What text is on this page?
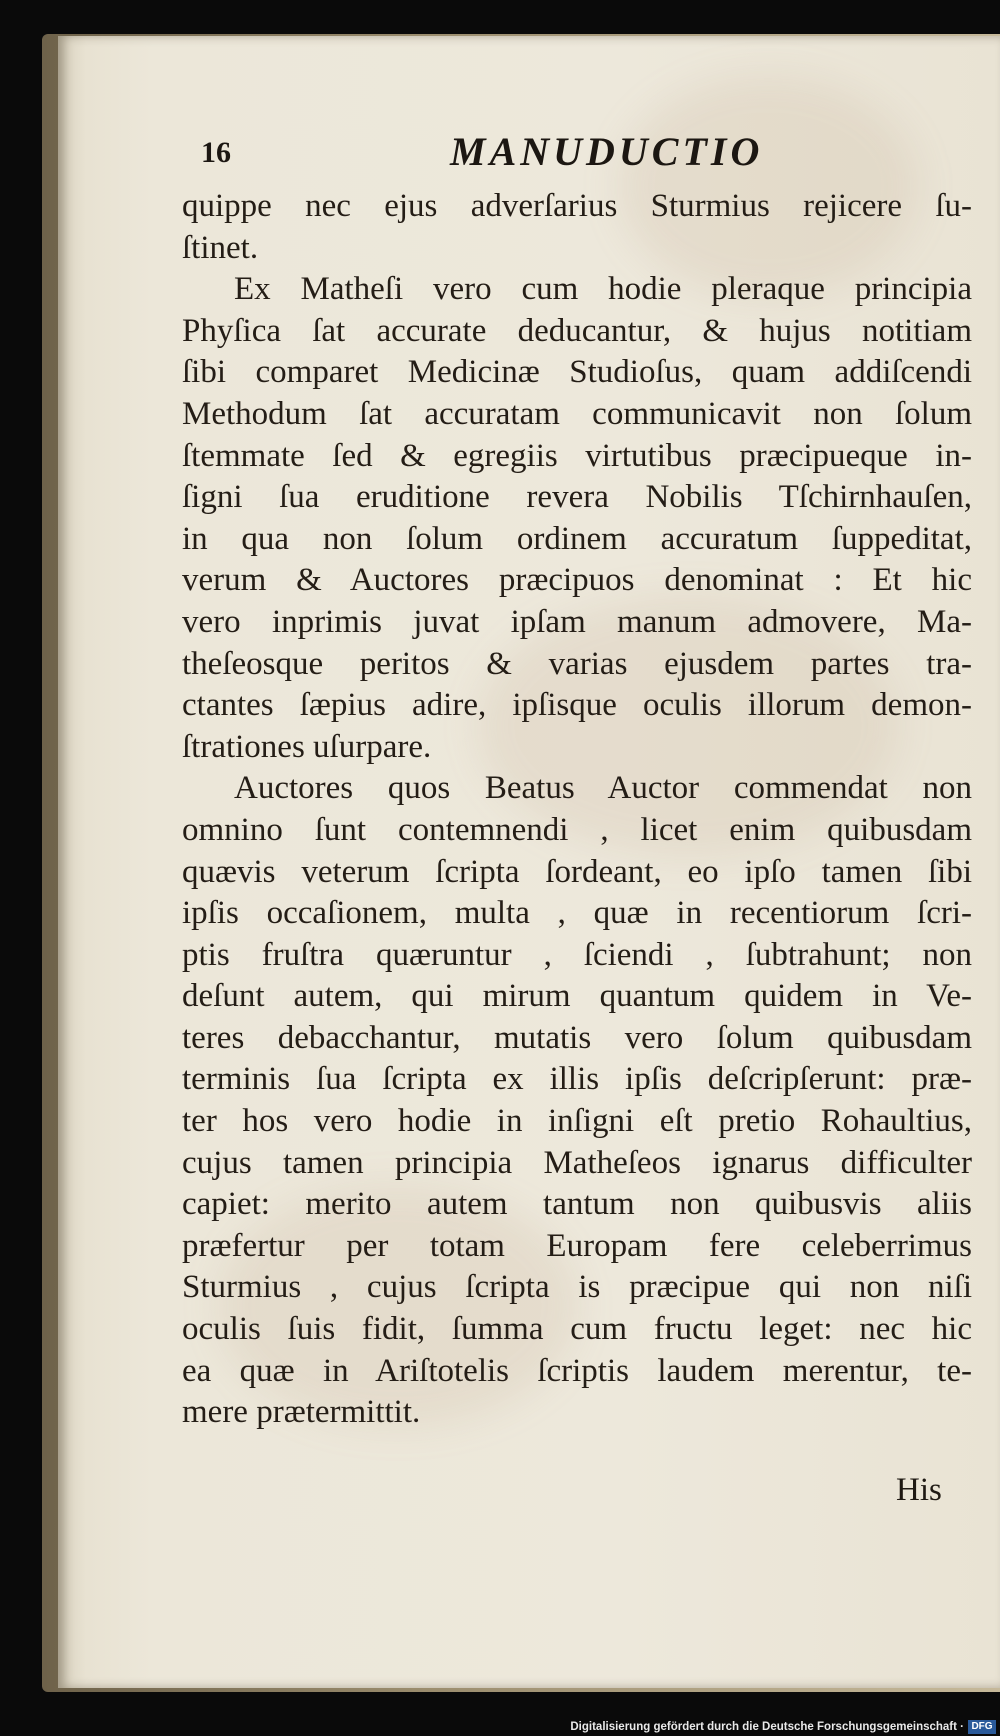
16	MANUDUCTIO
quippe nec ejus adverſarius Sturmius rejicere ſu-
ſtinet.
Ex Matheſi vero cum hodie pleraque principia
Phyſica ſat accurate deducantur, & hujus notitiam
ſibi comparet Medicinæ Studioſus, quam addiſcendi
Methodum ſat accuratam communicavit non ſolum
ſtemmate ſed & egregiis virtutibus præcipueque in-
ſigni ſua eruditione revera Nobilis Tſchirnhauſen,
in qua non ſolum ordinem accuratum ſuppeditat,
verum & Auctores præcipuos denominat : Et hic
vero inprimis juvat ipſam manum admovere, Ma-
theſeosque peritos & varias ejusdem partes tra-
ctantes ſæpius adire, ipſisque oculis illorum demon-
ſtrationes uſurpare.
Auctores quos Beatus Auctor commendat non
omnino ſunt contemnendi , licet enim quibusdam
quævis veterum ſcripta ſordeant, eo ipſo tamen ſibi
ipſis occaſionem, multa , quæ in recentiorum ſcri-
ptis fruſtra quæruntur , ſciendi , ſubtrahunt; non
deſunt autem, qui mirum quantum quidem in Ve-
teres debacchantur, mutatis vero ſolum quibusdam
terminis ſua ſcripta ex illis ipſis deſcripſerunt: præ-
ter hos vero hodie in inſigni eſt pretio Rohaultius,
cujus tamen principia Matheſeos ignarus difficulter
capiet: merito autem tantum non quibusvis aliis
præfertur per totam Europam fere celeberrimus
Sturmius , cujus ſcripta is præcipue qui non niſi
oculis ſuis fidit, ſumma cum fructu leget: nec hic
ea quæ in Ariſtotelis ſcriptis laudem merentur, te-
mere prætermittit.
His
Digitalisierung gefördert durch die Deutsche Forschungsgemeinschaft · DFG
